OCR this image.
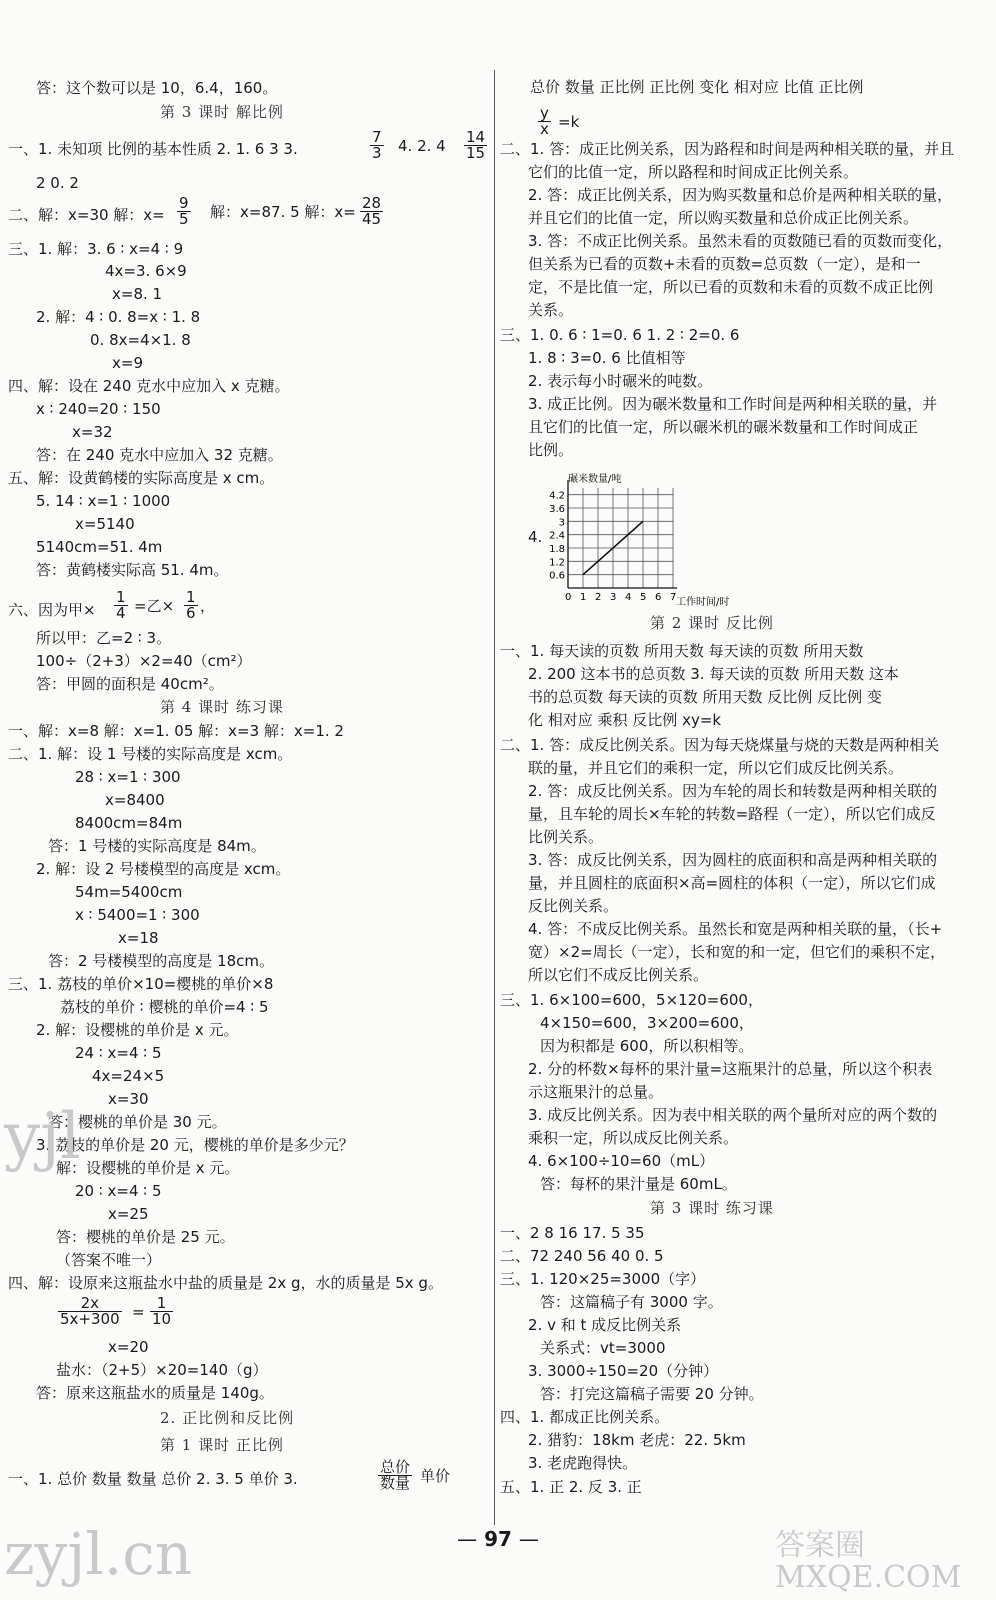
答：这个数可以是 10，6.4，160。
第 3 课时 解比例
一、1. 未知项 比例的基本性质 2. 1. 6 3 3.
2 0. 2
二、解：x=30 解：x=
三、1. 解：3. 6 ∶ x=4 ∶ 9
4x=3. 6×9
x=8. 1
2. 解：4 ∶ 0. 8=x ∶ 1. 8
0. 8x=4×1. 8
x=9
四、解：设在 240 克水中应加入 x 克糖。
x ∶ 240=20 ∶ 150
x=32
答：在 240 克水中应加入 32 克糖。
五、解：设黄鹤楼的实际高度是 x cm。
5. 14 ∶ x=1 ∶ 1000
x=5140
5140cm=51. 4m
答：黄鹤楼实际高 51. 4m。
六、因为甲×
所以甲：乙=2 ∶ 3。
100÷（2+3）×2=40（cm²）
答：甲圆的面积是 40cm²。
第 4 课时 练习课
一、解：x=8 解：x=1. 05 解：x=3 解：x=1. 2
二、1. 解：设 1 号楼的实际高度是 xcm。
28 ∶ x=1 ∶ 300
x=8400
8400cm=84m
答：1 号楼的实际高度是 84m。
2. 解：设 2 号楼模型的高度是 xcm。
54m=5400cm
x ∶ 5400=1 ∶ 300
x=18
答：2 号楼模型的高度是 18cm。
三、1. 荔枝的单价×10=樱桃的单价×8
荔枝的单价 ∶ 樱桃的单价=4 ∶ 5
2. 解：设樱桃的单价是 x 元。
24 ∶ x=4 ∶ 5
4x=24×5
x=30
答：樱桃的单价是 30 元。
3. 荔枝的单价是 20 元，樱桃的单价是多少元？
解：设樱桃的单价是 x 元。
20 ∶ x=4 ∶ 5
x=25
答：樱桃的单价是 25 元。
（答案不唯一）
四、解：设原来这瓶盐水中盐的质量是 2x g，水的质量是 5x g。
x=20
盐水：（2+5）×20=140（g）
答：原来这瓶盐水的质量是 140g。
2. 正比例和反比例
第 1 课时 正比例
一、1. 总价 数量 数量 总价 2. 3. 5 单价 3.
$\frac{7}{3} 4$. 2. $4 \frac{14}{15}$
$\frac{9}{5}$ 解：x=87. 5 解：$x= \frac{28}{45}$
$\frac{1}{4}$ =乙× $\frac{1}{6}$ ，
$\frac{2x}{5x+300} = \frac{1}{10}$
$\frac{\text{总价}}{\text{数量}}$ 单价
总价 数量 正比例 正比例 变化 相对应 比值 正比例
二、1. 答：成正比例关系，因为路程和时间是两种相关联的量，并且
它们的比值一定，所以路程和时间成正比例关系。
2. 答：成正比例关系，因为购买数量和总价是两种相关联的量，
并且它们的比值一定，所以购买数量和总价成正比例关系。
3. 答：不成正比例关系。虽然未看的页数随已看的页数而变化，
但关系为已看的页数+未看的页数=总页数（一定），是和一
定，不是比值一定，所以已看的页数和未看的页数不成正比例
关系。
三、1. 0. 6 ∶ 1=0. 6 1. 2 ∶ 2=0. 6
1. 8 ∶ 3=0. 6 比值相等
2. 表示每小时碾米的吨数。
3. 成正比例。因为碾米数量和工作时间是两种相关联的量，并
且它们的比值一定，所以碾米机的碾米数量和工作时间成正
比例。
4.
第 2 课时 反比例
一、1. 每天读的页数 所用天数 每天读的页数 所用天数
2. 200 这本书的总页数 3. 每天读的页数 所用天数 这本
书的总页数 每天读的页数 所用天数 反比例 反比例 变
化 相对应 乘积 反比例 xy=k
二、1. 答：成反比例关系。因为每天烧煤量与烧的天数是两种相关
联的量，并且它们的乘积一定，所以它们成反比例关系。
2. 答：成反比例关系。因为车轮的周长和转数是两种相关联的
量，且车轮的周长×车轮的转数=路程（一定），所以它们成反
比例关系。
3. 答：成反比例关系，因为圆柱的底面积和高是两种相关联的
量，并且圆柱的底面积×高=圆柱的体积（一定），所以它们成
反比例关系。
4. 答：不成反比例关系。虽然长和宽是两种相关联的量，（长+
宽）×2=周长（一定），长和宽的和一定，但它们的乘积不定，
所以它们不成反比例关系。
三、1. 6×100=600，5×120=600，
4×150=600，3×200=600，
因为积都是 600，所以积相等。
2. 分的杯数×每杯的果汁量=这瓶果汁的总量，所以这个积表
示这瓶果汁的总量。
3. 成反比例关系。因为表中相关联的两个量所对应的两个数的
乘积一定，所以成反比例关系。
4. 6×100÷10=60（mL）
答：每杯的果汁量是 60mL。
第 3 课时 练习课
一、2 8 16 17. 5 35
二、72 240 56 40 0. 5
三、1. 120×25=3000（字）
答：这篇稿子有 3000 字。
2. v 和 t 成反比例关系
关系式：vt=3000
3. 3000÷150=20（分钟）
答：打完这篇稿子需要 20 分钟。
四、1. 都成正比例关系。
2. 猎豹：18km 老虎：22. 5km
3. 老虎跑得快。
五、1. 正 2. 反 3. 正
$\frac{y}{x} =k$
碾米数量/吨
工作时间/时
0 1 2 3 4 5 6 7
0.6
1.2
1.8
2.4
3
3.6
4.2
yjl
zyjl.cn	答案圈 MXQE.COM
— 97 —
